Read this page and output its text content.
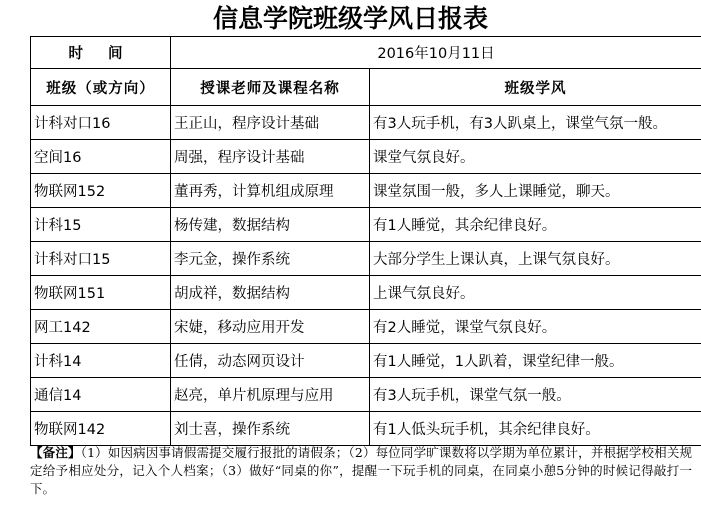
信息学院班级学风日报表
时 间	2016年10月11日	
班级（或方向）	授课老师及课程名称	班级学风
计科对口16	王正山，程序设计基础	有3人玩手机，有3人趴桌上，课堂气氛一般。
空间16	周强，程序设计基础	课堂气氛良好。
物联网152	董再秀，计算机组成原理	课堂氛围一般，多人上课睡觉，聊天。
计科15	杨传建，数据结构	有1人睡觉，其余纪律良好。
计科对口15	李元金，操作系统	大部分学生上课认真，上课气氛良好。
物联网151	胡成祥，数据结构	上课气氛良好。
网工142	宋婕，移动应用开发	有2人睡觉，课堂气氛良好。
计科14	任倩，动态网页设计	有1人睡觉，1人趴着，课堂纪律一般。
通信14	赵亮，单片机原理与应用	有3人玩手机，课堂气氛一般。
物联网142	刘士喜，操作系统	有1人低头玩手机，其余纪律良好。
【备注】（1）如因病因事请假需提交履行报批的请假条；（2）每位同学旷课数将以学期为单位累计，并根据学校相关规定给予相应处分，记入个人档案；（3）做好“同桌的你”，提醒一下玩手机的同桌，在同桌小憩5分钟的时候记得敲打一下。
